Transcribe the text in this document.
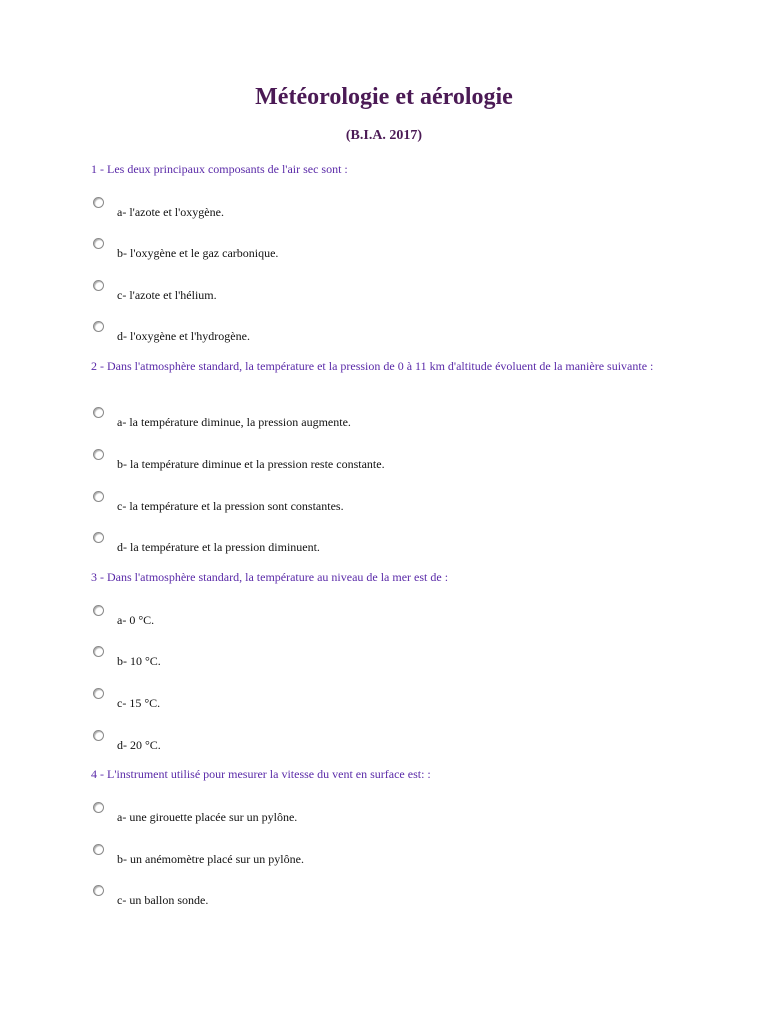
Météorologie et aérologie
(B.I.A. 2017)
1 - Les deux principaux composants de l'air sec sont :
a- l'azote et l'oxygène.
b- l'oxygène et le gaz carbonique.
c- l'azote et l'hélium.
d- l'oxygène et l'hydrogène.
2 - Dans l'atmosphère standard, la température et la pression de 0 à 11 km d'altitude évoluent de la manière suivante :
a- la température diminue, la pression augmente.
b- la température diminue et la pression reste constante.
c- la température et la pression sont constantes.
d- la température et la pression diminuent.
3 - Dans l'atmosphère standard, la température au niveau de la mer est de :
a- 0 °C.
b- 10 °C.
c- 15 °C.
d- 20 °C.
4 - L'instrument utilisé pour mesurer la vitesse du vent en surface est: :
a- une girouette placée sur un pylône.
b- un anémomètre placé sur un pylône.
c- un ballon sonde.
